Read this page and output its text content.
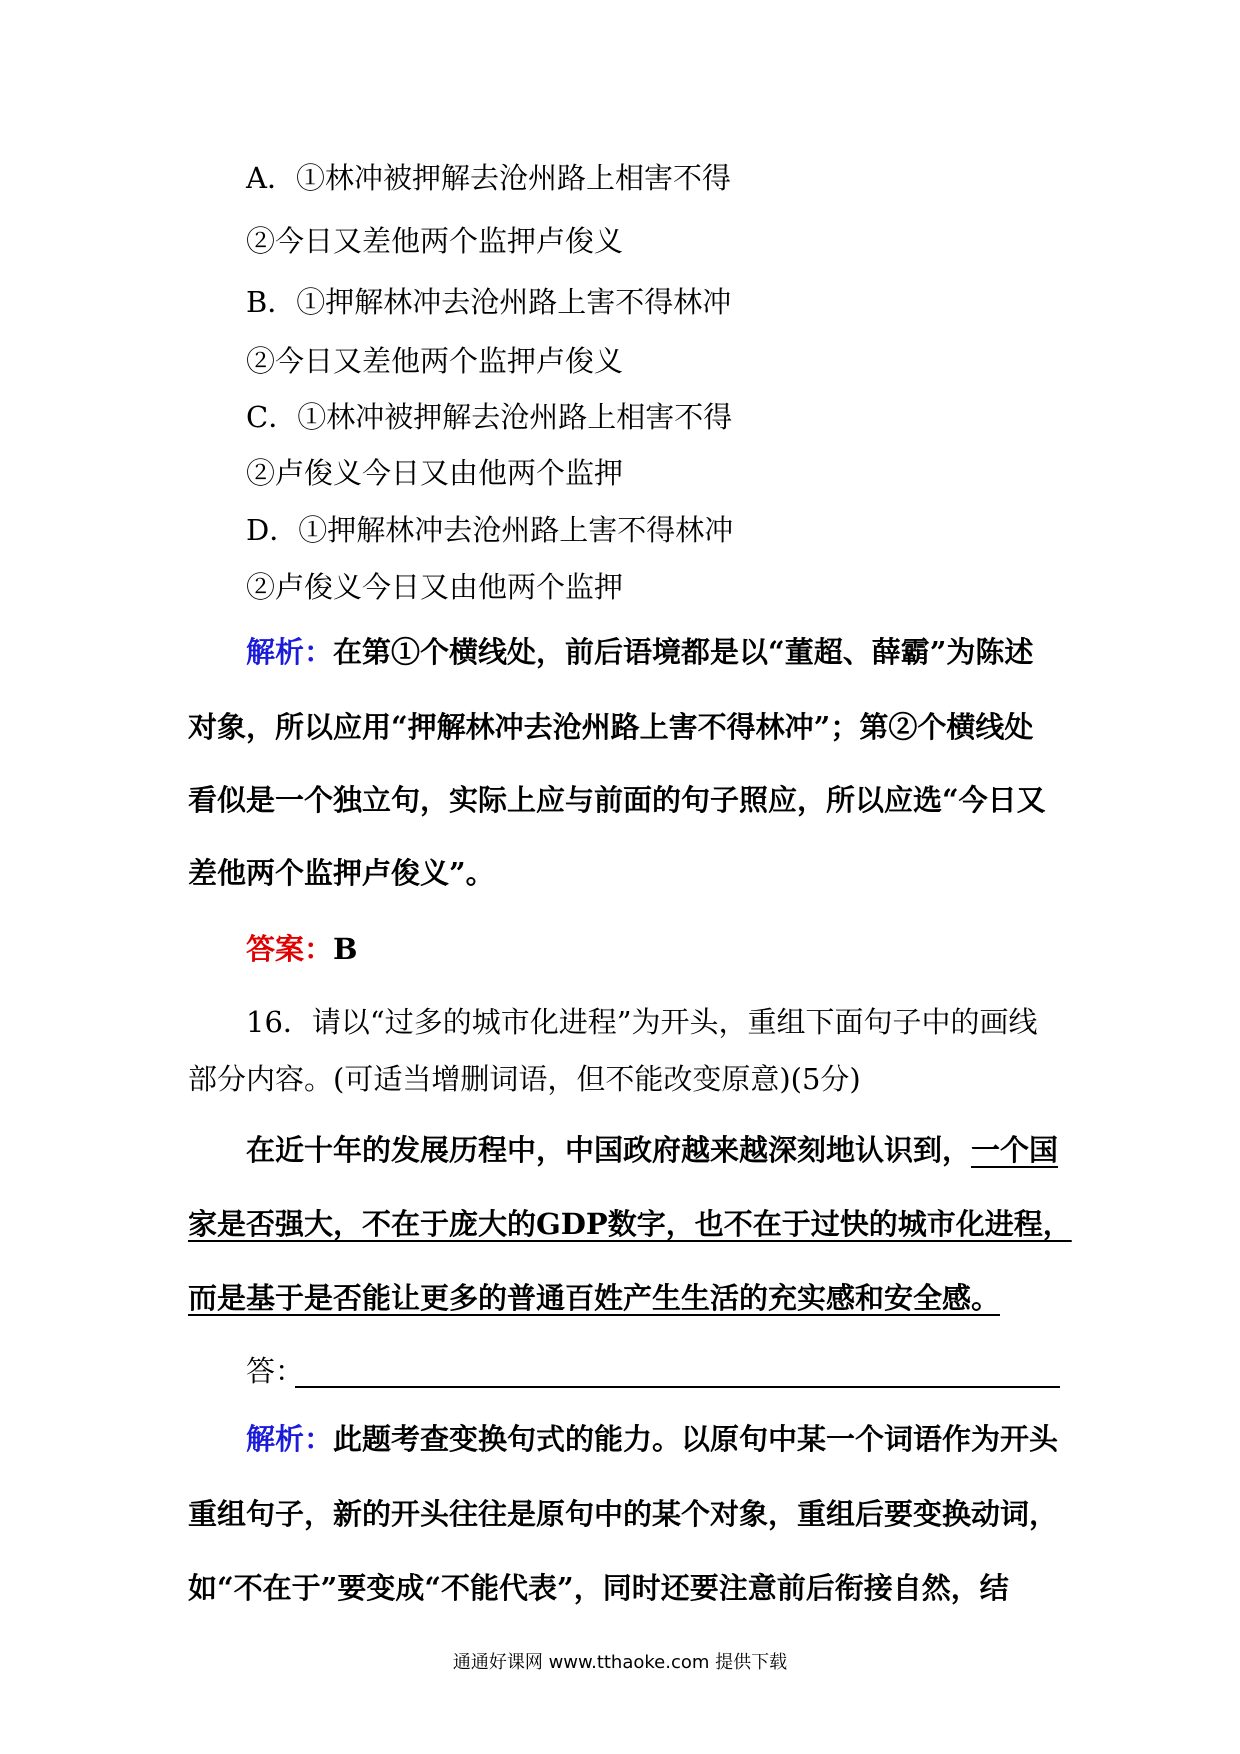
A．①林冲被押解去沧州路上相害不得
②今日又差他两个监押卢俊义
B．①押解林冲去沧州路上害不得林冲
②今日又差他两个监押卢俊义
C．①林冲被押解去沧州路上相害不得
②卢俊义今日又由他两个监押
D．①押解林冲去沧州路上害不得林冲
②卢俊义今日又由他两个监押
解析：在第①个横线处，前后语境都是以“董超、薛霸”为陈述
对象，所以应用“押解林冲去沧州路上害不得林冲”；第②个横线处
看似是一个独立句，实际上应与前面的句子照应，所以应选“今日又
差他两个监押卢俊义”。
答案：B
16．请以“过多的城市化进程”为开头，重组下面句子中的画线
部分内容。(可适当增删词语，但不能改变原意)(5分)
在近十年的发展历程中，中国政府越来越深刻地认识到，一个国
家是否强大，不在于庞大的GDP数字，也不在于过快的城市化进程，
而是基于是否能让更多的普通百姓产生生活的充实感和安全感。
答：
解析：此题考查变换句式的能力。以原句中某一个词语作为开头
重组句子，新的开头往往是原句中的某个对象，重组后要变换动词，
如“不在于”要变成“不能代表”，同时还要注意前后衔接自然，结
通通好课网 www.tthaoke.com 提供下载
